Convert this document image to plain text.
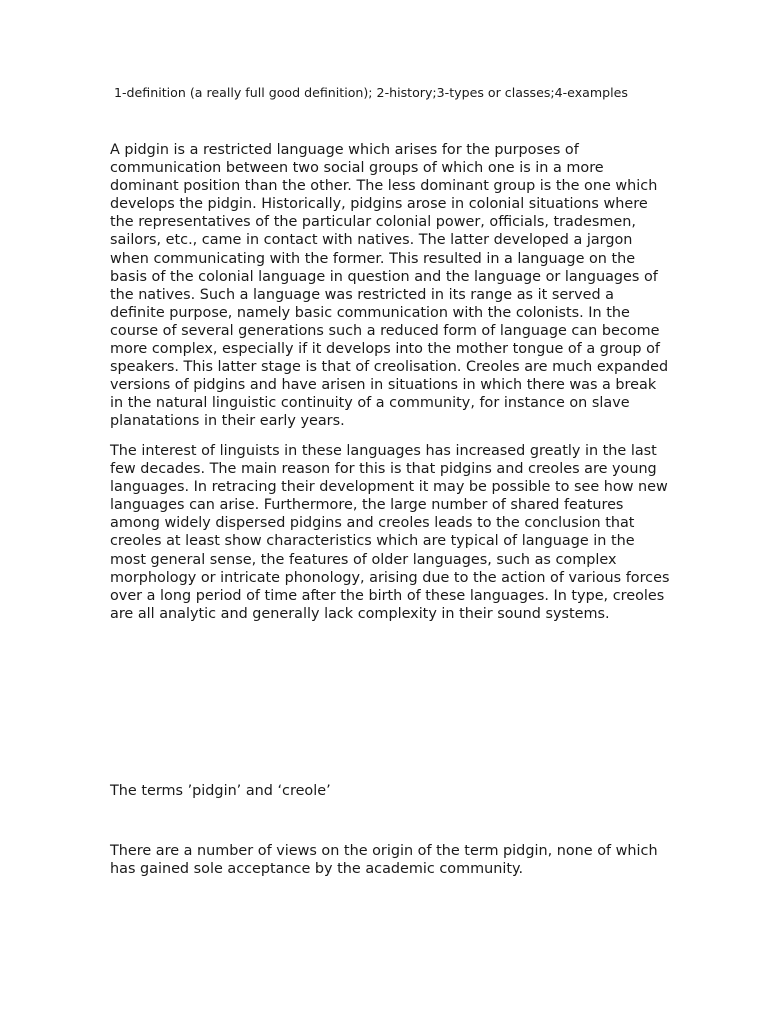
1-definition (a really full good definition); 2-history;3-types or classes;4-examples

A pidgin is a restricted language which arises for the purposes of communication between two social groups of which one is in a more dominant position than the other. The less dominant group is the one which develops the pidgin. Historically, pidgins arose in colonial situations where the representatives of the particular colonial power, officials, tradesmen, sailors, etc., came in contact with natives. The latter developed a jargon when communicating with the former. This resulted in a language on the basis of the colonial language in question and the language or languages of the natives. Such a language was restricted in its range as it served a definite purpose, namely basic communication with the colonists. In the course of several generations such a reduced form of language can become more complex, especially if it develops into the mother tongue of a group of speakers. This latter stage is that of creolisation. Creoles are much expanded versions of pidgins and have arisen in situations in which there was a break in the natural linguistic continuity of a community, for instance on slave planatations in their early years.

The interest of linguists in these languages has increased greatly in the last few decades. The main reason for this is that pidgins and creoles are young languages. In retracing their development it may be possible to see how new languages can arise. Furthermore, the large number of shared features among widely dispersed pidgins and creoles leads to the conclusion that creoles at least show characteristics which are typical of language in the most general sense, the features of older languages, such as complex morphology or intricate phonology, arising due to the action of various forces over a long period of time after the birth of these languages. In type, creoles are all analytic and generally lack complexity in their sound systems.

The terms ’pidgin’ and ‘creole’

There are a number of views on the origin of the term pidgin, none of which has gained sole acceptance by the academic community.
